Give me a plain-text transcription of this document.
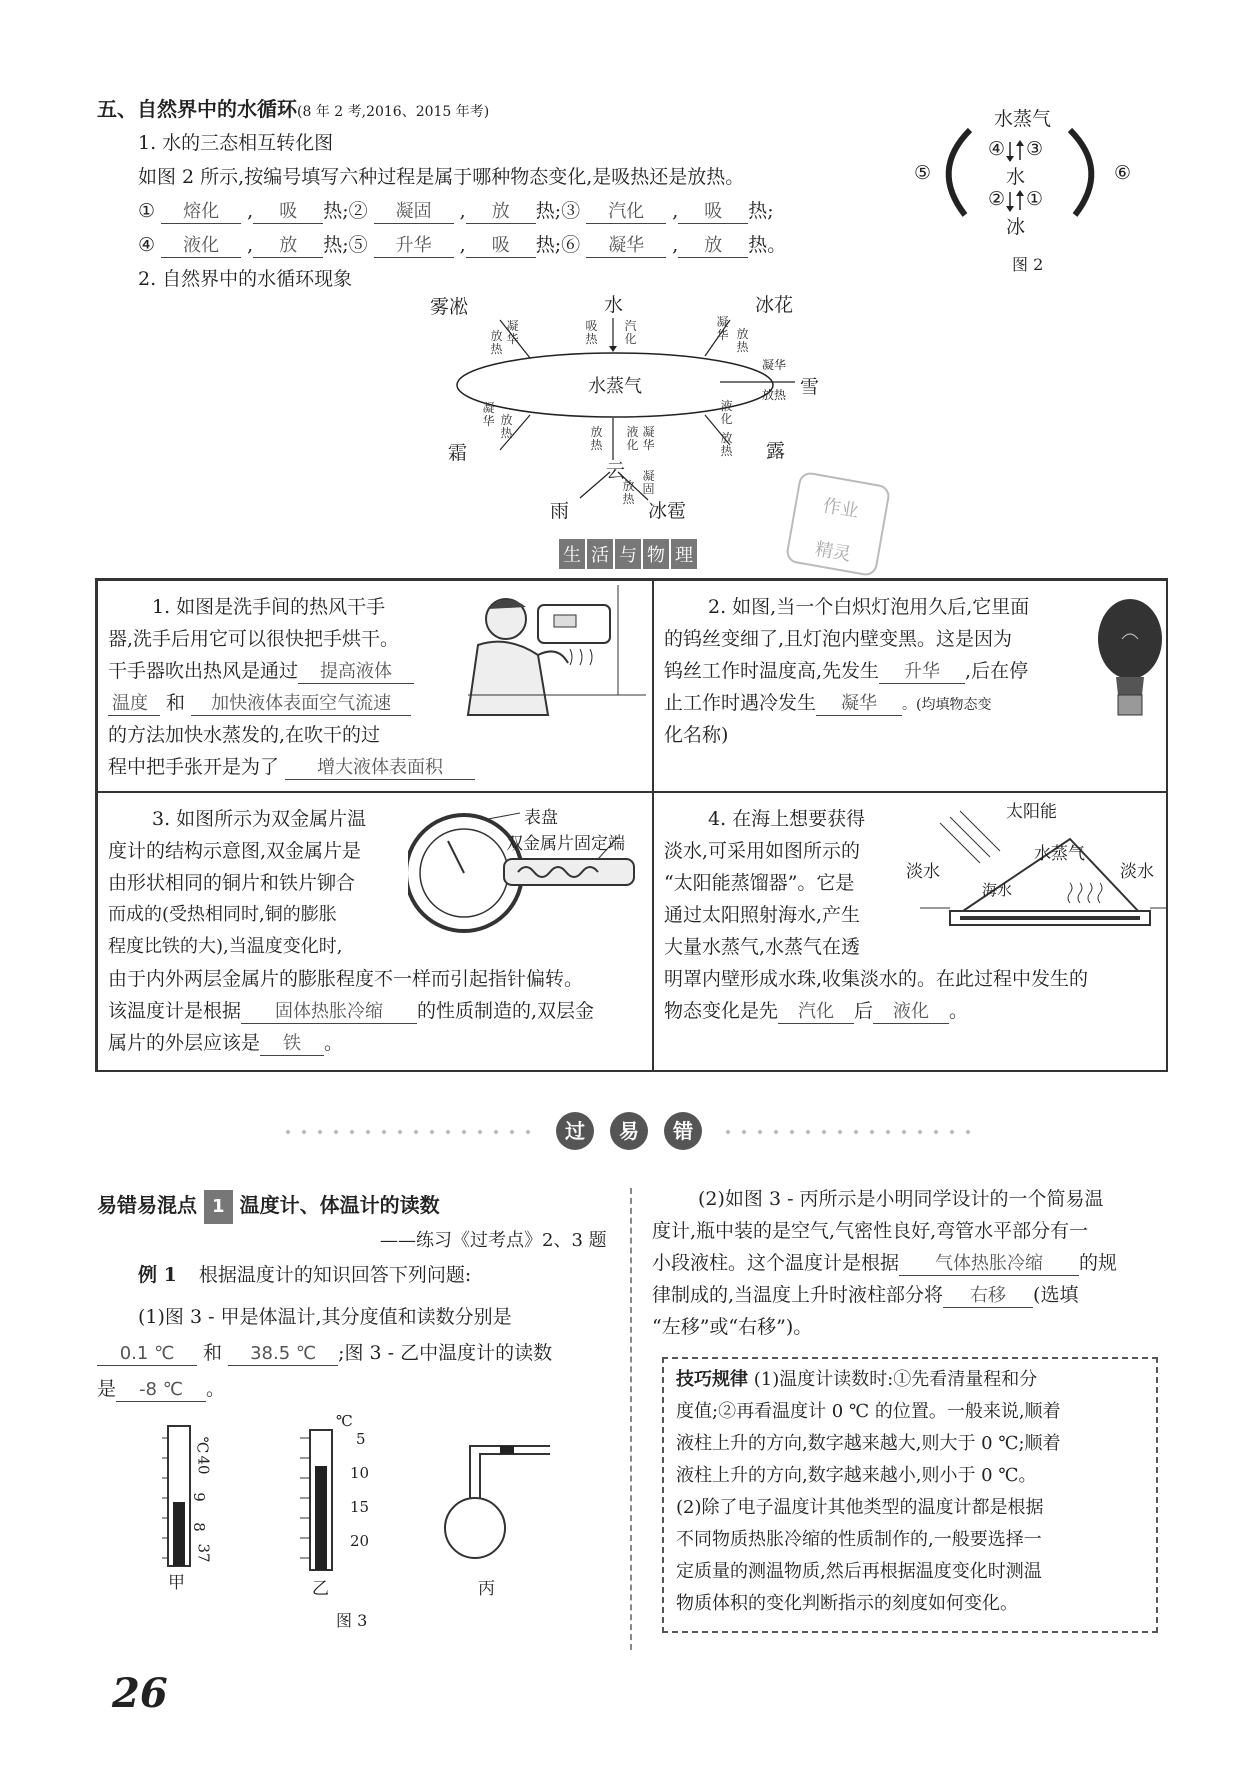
五、自然界中的水循环(8 年 2 考,2016、2015 年考)
1. 水的三态相互转化图
如图 2 所示,按编号填写六种过程是属于哪种物态变化,是吸热还是放热。
① 熔化 , 吸 热;② 凝固 , 放 热;③ 汽化 , 吸 热;
④ 液化 , 放 热;⑤ 升华 , 吸 热;⑥ 凝华 , 放 热。
2. 自然界中的水循环现象
水蒸气
④ ③
水
② ①
冰
⑤	⑥
图 2
水蒸气
水
吸热
汽化
雾凇
放热
凝华
冰花
凝华 放热
雪
凝华
放热
霜
凝华 放热
露
液化
放热
放热
液化
凝华
云
雨	冰雹
放热
凝固
作业
精灵
生 活 与 物 理

1. 如图是洗手间的热风干手

器,洗手后用它可以很快把手烘干。

干手器吹出热风是通过 提高液体

温度 和 加快液体表面空气流速

的方法加快水蒸发的,在吹干的过

程中把手张开是为了 增大液体表面积

2. 如图,当一个白炽灯泡用久后,它里面

的钨丝变细了,且灯泡内壁变黑。这是因为

钨丝工作时温度高,先发生 升华 ,后在停

止工作时遇冷发生 凝华 。(均填物态变

化名称)

3. 如图所示为双金属片温

度计的结构示意图,双金属片是

由形状相同的铜片和铁片铆合

而成的(受热相同时,铜的膨胀

程度比铁的大),当温度变化时,

由于内外两层金属片的膨胀程度不一样而引起指针偏转。

该温度计是根据 固体热胀冷缩 的性质制造的,双层金

属片的外层应该是 铁 。

表盘
双金属片固定端

4. 在海上想要获得

淡水,可采用如图所示的

“太阳能蒸馏器”。它是

通过太阳照射海水,产生

大量水蒸气,水蒸气在透

明罩内壁形成水珠,收集淡水的。在此过程中发生的

物态变化是先 汽化 后 液化 。

太阳能
淡水	淡水
水蒸气
海水
过 易 错
易错易混点 1 温度计、体温计的读数
——练习《过考点》2、3 题
例 1 根据温度计的知识回答下列问题:
(1)图 3 - 甲是体温计,其分度值和读数分别是
0.1 ℃ 和 38.5 ℃ ;图 3 - 乙中温度计的读数
是 -8 ℃ 。
℃
40
9
8
37
℃
5
10
15
20
甲	乙	丙
图 3
(2)如图 3 - 丙所示是小明同学设计的一个简易温
度计,瓶中装的是空气,气密性良好,弯管水平部分有一
小段液柱。这个温度计是根据 气体热胀冷缩 的规
律制成的,当温度上升时液柱部分将 右移 (选填
“左移”或“右移”)。

技巧规律 (1)温度计读数时:①先看清量程和分

度值;②再看温度计 0 ℃ 的位置。一般来说,顺着

液柱上升的方向,数字越来越大,则大于 0 ℃;顺着

液柱上升的方向,数字越来越小,则小于 0 ℃。

(2)除了电子温度计其他类型的温度计都是根据

不同物质热胀冷缩的性质制作的,一般要选择一

定质量的测温物质,然后再根据温度变化时测温

物质体积的变化判断指示的刻度如何变化。

26
